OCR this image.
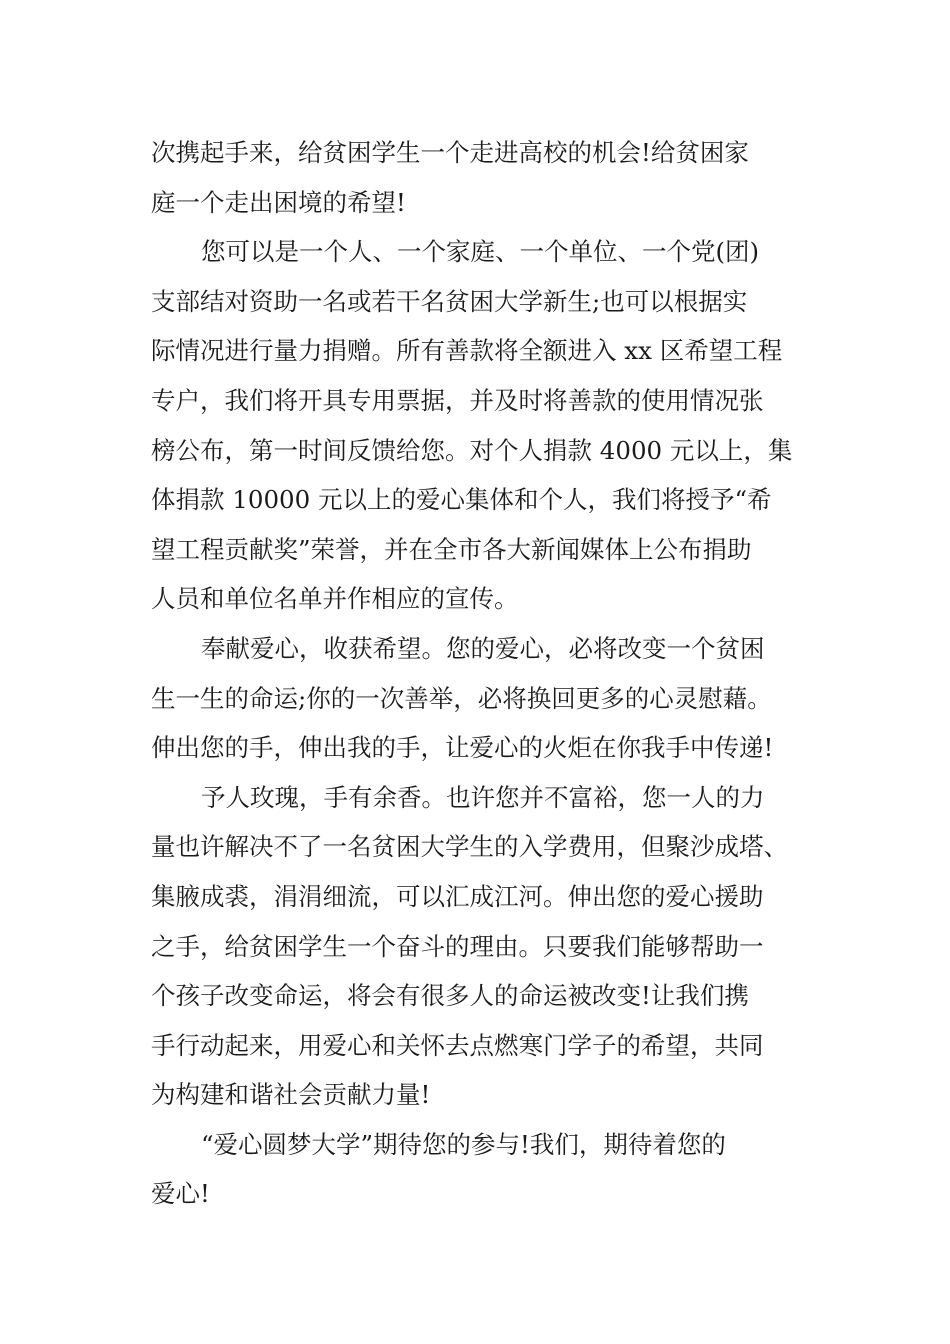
次携起手来，给贫困学生一个走进高校的机会!给贫困家
庭一个走出困境的希望!
您可以是一个人、一个家庭、一个单位、一个党(团)
支部结对资助一名或若干名贫困大学新生;也可以根据实
际情况进行量力捐赠。所有善款将全额进入 xx 区希望工程
专户，我们将开具专用票据，并及时将善款的使用情况张
榜公布，第一时间反馈给您。对个人捐款 4000 元以上，集
体捐款 10000 元以上的爱心集体和个人，我们将授予“希
望工程贡献奖”荣誉，并在全市各大新闻媒体上公布捐助
人员和单位名单并作相应的宣传。
奉献爱心，收获希望。您的爱心，必将改变一个贫困
生一生的命运;你的一次善举，必将换回更多的心灵慰藉。
伸出您的手，伸出我的手，让爱心的火炬在你我手中传递!
予人玫瑰，手有余香。也许您并不富裕，您一人的力
量也许解决不了一名贫困大学生的入学费用，但聚沙成塔、
集腋成裘，涓涓细流，可以汇成江河。伸出您的爱心援助
之手，给贫困学生一个奋斗的理由。只要我们能够帮助一
个孩子改变命运，将会有很多人的命运被改变!让我们携
手行动起来，用爱心和关怀去点燃寒门学子的希望，共同
为构建和谐社会贡献力量!
“爱心圆梦大学”期待您的参与!我们，期待着您的
爱心!
